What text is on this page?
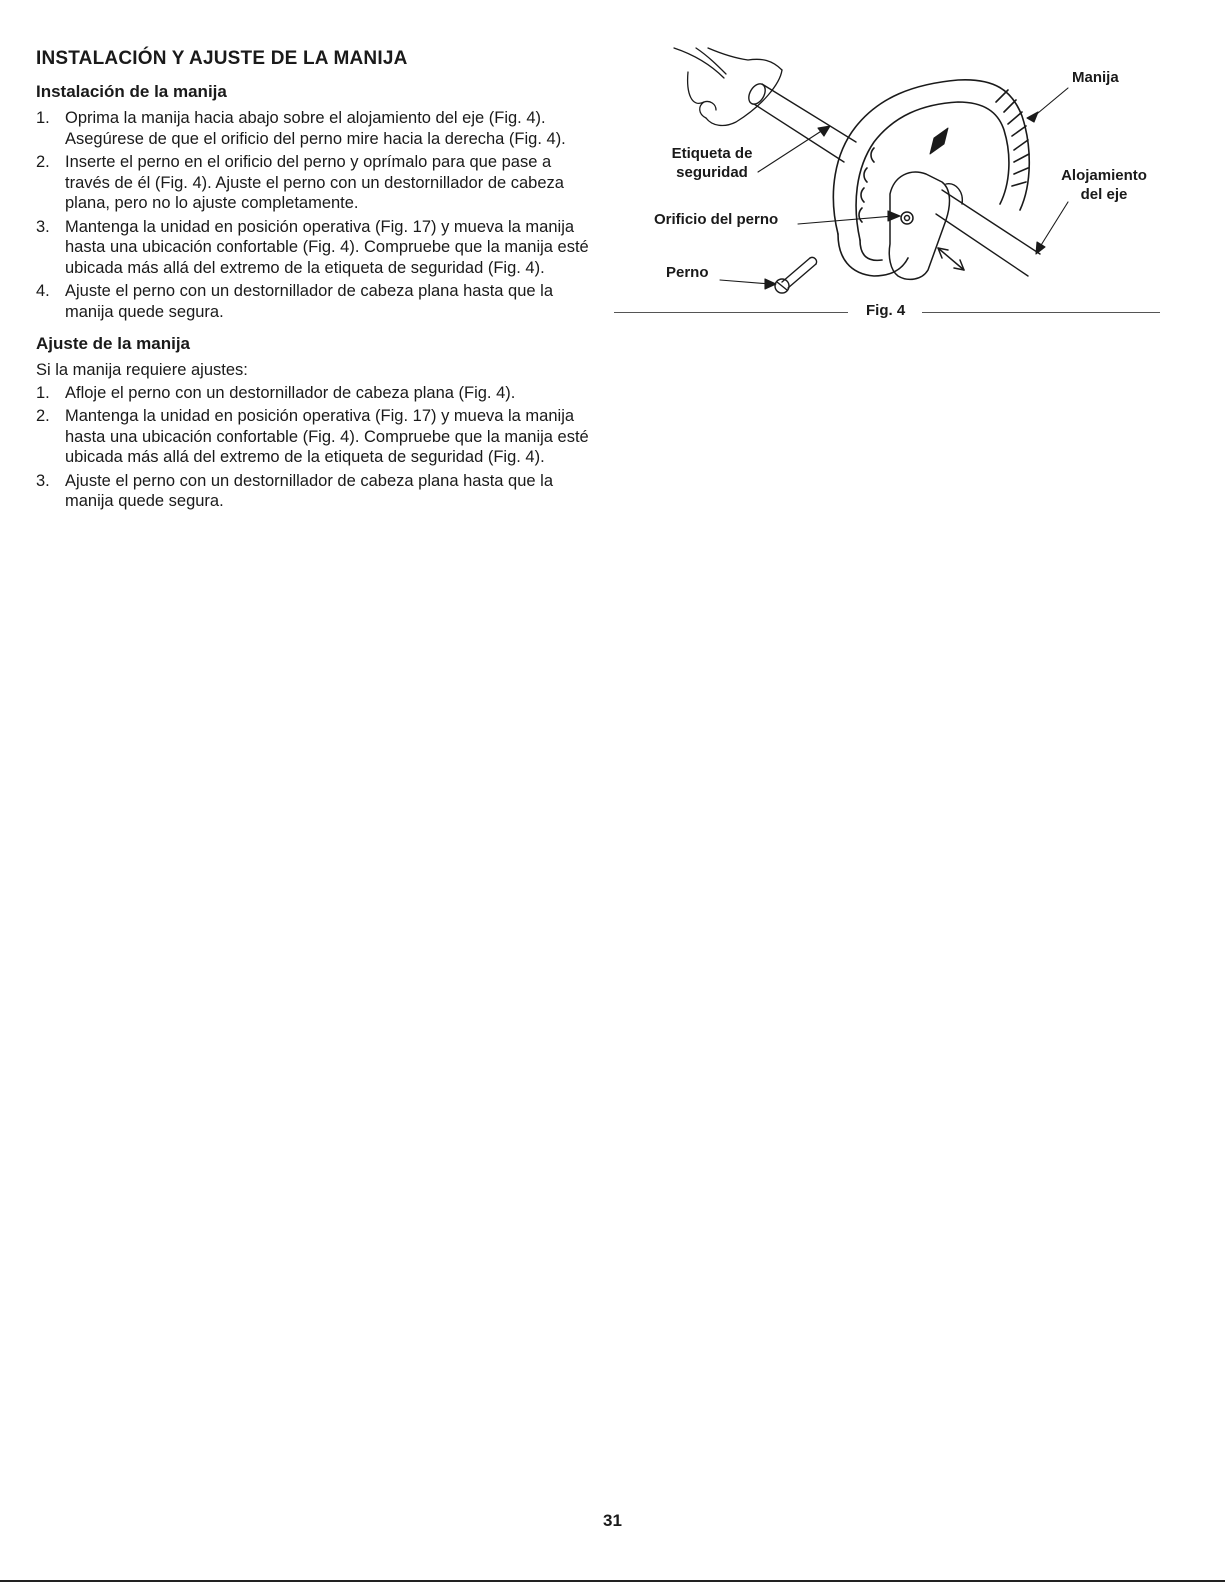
INSTALACIÓN Y AJUSTE DE LA MANIJA
Instalación de la manija
1. Oprima la manija hacia abajo sobre el alojamiento del eje (Fig. 4). Asegúrese de que el orificio del perno mire hacia la derecha (Fig. 4).
2. Inserte el perno en el orificio del perno y oprímalo para que pase a través de él (Fig. 4). Ajuste el perno con un destornillador de cabeza plana, pero no lo ajuste completamente.
3. Mantenga la unidad en posición operativa (Fig. 17) y mueva la manija hasta una ubicación confortable (Fig. 4). Compruebe que la manija esté ubicada más allá del extremo de la etiqueta de seguridad (Fig. 4).
4. Ajuste el perno con un destornillador de cabeza plana hasta que la manija quede segura.
Ajuste de la manija

Si la manija requiere ajustes:

1. Afloje el perno con un destornillador de cabeza plana (Fig. 4).
2. Mantenga la unidad en posición operativa (Fig. 17) y mueva la manija hasta una ubicación confortable (Fig. 4). Compruebe que la manija esté ubicada más allá del extremo de la etiqueta de seguridad (Fig. 4).
3. Ajuste el perno con un destornillador de cabeza plana hasta que la manija quede segura.
Manija
Etiqueta de
seguridad	Alojamiento
del eje
Orificio del perno
Perno
Fig. 4
31
